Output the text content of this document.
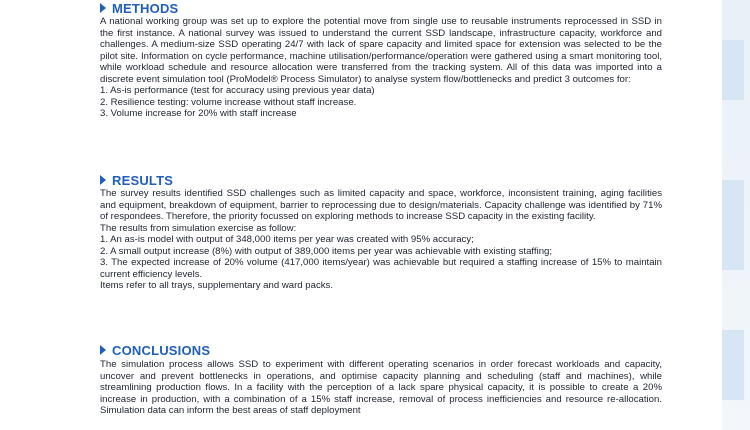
METHODS

A national working group was set up to explore the potential move from single use to reusable instruments reprocessed in SSD in the first instance. A national survey was issued to understand the current SSD landscape, infrastructure capacity, workforce and challenges. A medium-size SSD operating 24/7 with lack of spare capacity and limited space for extension was selected to be the pilot site. Information on cycle performance, machine utilisation/performance/operation were gathered using a smart monitoring tool, while workload schedule and resource allocation were transferred from the tracking system. All of this data was imported into a discrete event simulation tool (ProModel® Process Simulator) to analyse system flow/bottlenecks and predict 3 outcomes for:

1. As-is performance (test for accuracy using previous year data)

2. Resilience testing: volume increase without staff increase.

3. Volume increase for 20% with staff increase

RESULTS

The survey results identified SSD challenges such as limited capacity and space, workforce, inconsistent training, aging facilities and equipment, breakdown of equipment, barrier to reprocessing due to design/materials. Capacity challenge was identified by 71% of respondees. Therefore, the priority focussed on exploring methods to increase SSD capacity in the existing facility.

The results from simulation exercise as follow:

1. An as-is model with output of 348,000 items per year was created with 95% accuracy;

2. A small output increase (8%) with output of 389,000 items per year was achievable with existing staffing;

3. The expected increase of 20% volume (417,000 items/year) was achievable but required a staffing increase of 15% to maintain current efficiency levels.

Items refer to all trays, supplementary and ward packs.

CONCLUSIONS

The simulation process allows SSD to experiment with different operating scenarios in order forecast workloads and capacity, uncover and prevent bottlenecks in operations, and optimise capacity planning and scheduling (staff and machines), while streamlining production flows. In a facility with the perception of a lack spare physical capacity, it is possible to create a 20% increase in production, with a combination of a 15% staff increase, removal of process inefficiencies and resource re-allocation. Simulation data can inform the best areas of staff deployment
